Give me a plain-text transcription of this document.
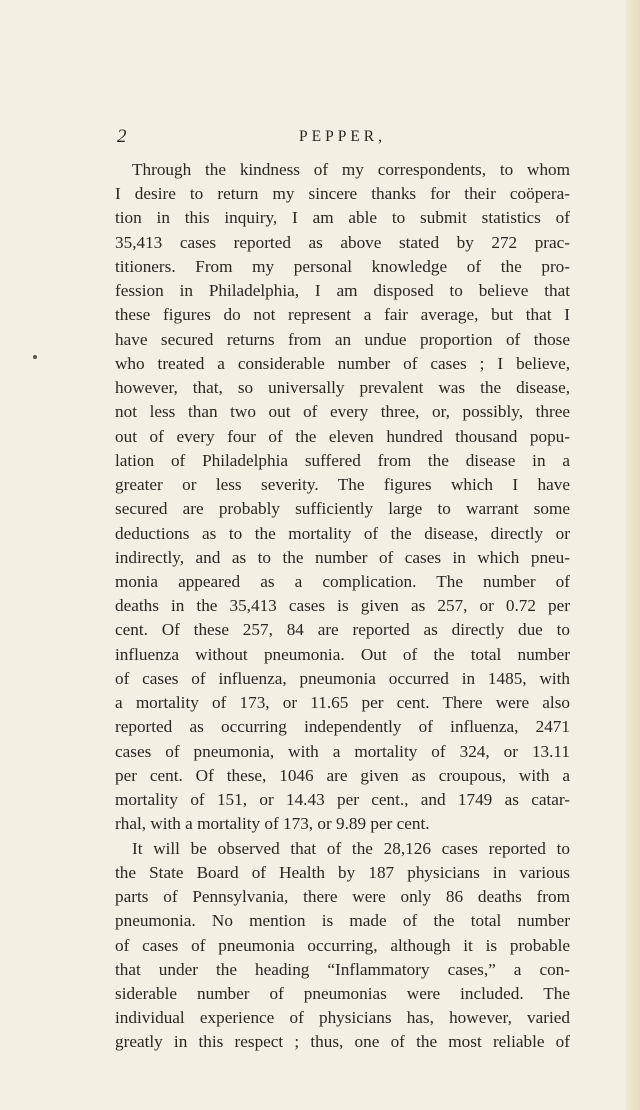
2	PEPPER,
Through the kindness of my correspondents, to whom
I desire to return my sincere thanks for their coöpera-
tion in this inquiry, I am able to submit statistics of
35,413 cases reported as above stated by 272 prac-
titioners. From my personal knowledge of the pro-
fession in Philadelphia, I am disposed to believe that
these figures do not represent a fair average, but that I
have secured returns from an undue proportion of those
who treated a considerable number of cases ; I believe,
however, that, so universally prevalent was the disease,
not less than two out of every three, or, possibly, three
out of every four of the eleven hundred thousand popu-
lation of Philadelphia suffered from the disease in a
greater or less severity. The figures which I have
secured are probably sufficiently large to warrant some
deductions as to the mortality of the disease, directly or
indirectly, and as to the number of cases in which pneu-
monia appeared as a complication. The number of
deaths in the 35,413 cases is given as 257, or 0.72 per
cent. Of these 257, 84 are reported as directly due to
influenza without pneumonia. Out of the total number
of cases of influenza, pneumonia occurred in 1485, with
a mortality of 173, or 11.65 per cent. There were also
reported as occurring independently of influenza, 2471
cases of pneumonia, with a mortality of 324, or 13.11
per cent. Of these, 1046 are given as croupous, with a
mortality of 151, or 14.43 per cent., and 1749 as catar-
rhal, with a mortality of 173, or 9.89 per cent.
It will be observed that of the 28,126 cases reported to
the State Board of Health by 187 physicians in various
parts of Pennsylvania, there were only 86 deaths from
pneumonia. No mention is made of the total number
of cases of pneumonia occurring, although it is probable
that under the heading “Inflammatory cases,” a con-
siderable number of pneumonias were included. The
individual experience of physicians has, however, varied
greatly in this respect ; thus, one of the most reliable of
